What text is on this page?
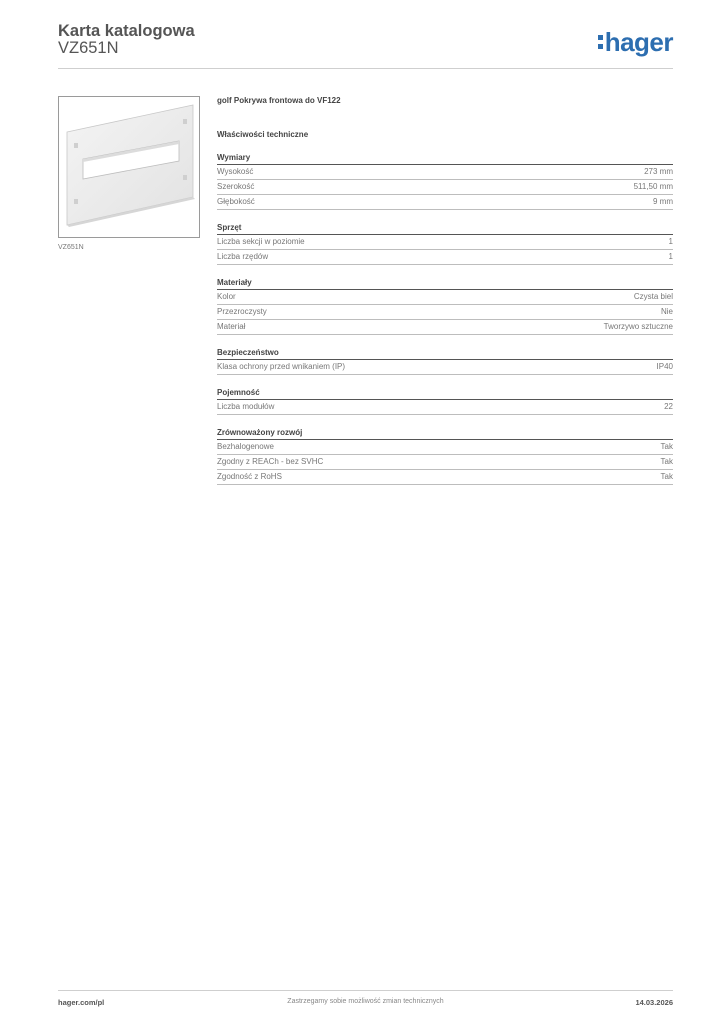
Karta katalogowa
VZ651N	hager
VZ651N
golf Pokrywa frontowa do VF122
Właściwości techniczne
Wymiary
Wysokość	273 mm
Szerokość	511,50 mm
Głębokość	9 mm
Sprzęt
Liczba sekcji w poziomie	1
Liczba rzędów	1
Materiały
Kolor	Czysta biel
Przezroczysty	Nie
Materiał	Tworzywo sztuczne
Bezpieczeństwo
Klasa ochrony przed wnikaniem (IP)	IP40
Pojemność
Liczba modułów	22
Zrównoważony rozwój
Bezhalogenowe	Tak
Zgodny z REACh - bez SVHC	Tak
Zgodność z RoHS	Tak
hager.com/pl	Zastrzegamy sobie możliwość zmian technicznych	14.03.2026
